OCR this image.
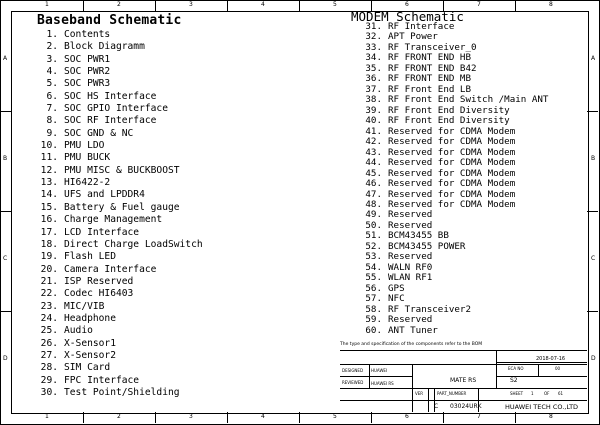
1
1
2
2
3
3
4
4
5
5
6
6
7
7
8
8
A	A
B	B
C	C
D	D
Baseband Schematic	MODEM Schematic
1. Contents
2. Block Diagramm
3. SOC PWR1
4. SOC PWR2
5. SOC PWR3
6. SOC HS Interface
7. SOC GPIO Interface
8. SOC RF Interface
9. SOC GND & NC
10. PMU LDO
11. PMU BUCK
12. PMU MISC & BUCKBOOST
13. HI6422-2
14. UFS and LPDDR4
15. Battery & Fuel gauge
16. Charge Management
17. LCD Interface
18. Direct Charge LoadSwitch
19. Flash LED
20. Camera Interface
21. ISP Reserved
22. Codec HI6403
23. MIC/VIB
24. Headphone
25. Audio
26. X-Sensor1
27. X-Sensor2
28. SIM Card
29. FPC Interface
30. Test Point/Shielding
31. RF Interface
32. APT Power
33. RF Transceiver_0
34. RF FRONT END HB
35. RF FRONT END B42
36. RF FRONT END MB
37. RF Front End LB
38. RF Front End Switch /Main ANT
39. RF Front End Diversity
40. RF Front End Diversity
41. Reserved for CDMA Modem
42. Reserved for CDMA Modem
43. Reserved for CDMA Modem
44. Reserved for CDMA Modem
45. Reserved for CDMA Modem
46. Reserved for CDMA Modem
47. Reserved for CDMA Modem
48. Reserved for CDMA Modem
49. Reserved
50. Reserved
51. BCM43455 BB
52. BCM43455 POWER
53. Reserved
54. WALN RF0
55. WLAN RF1
56. GPS
57. NFC
58. RF Transceiver2
59. Reserved
60. ANT Tuner
The type and specification of the components refer to the BOM
2018-07-16
ECA NO	00
DESIGNED HUAWEI
REVIEWED HUAWEI RS	MATE RS	S2
VER	PART_NUMBER	SHEET 1	OF 61
C 03024URK	HUAWEI TECH CO.,LTD
